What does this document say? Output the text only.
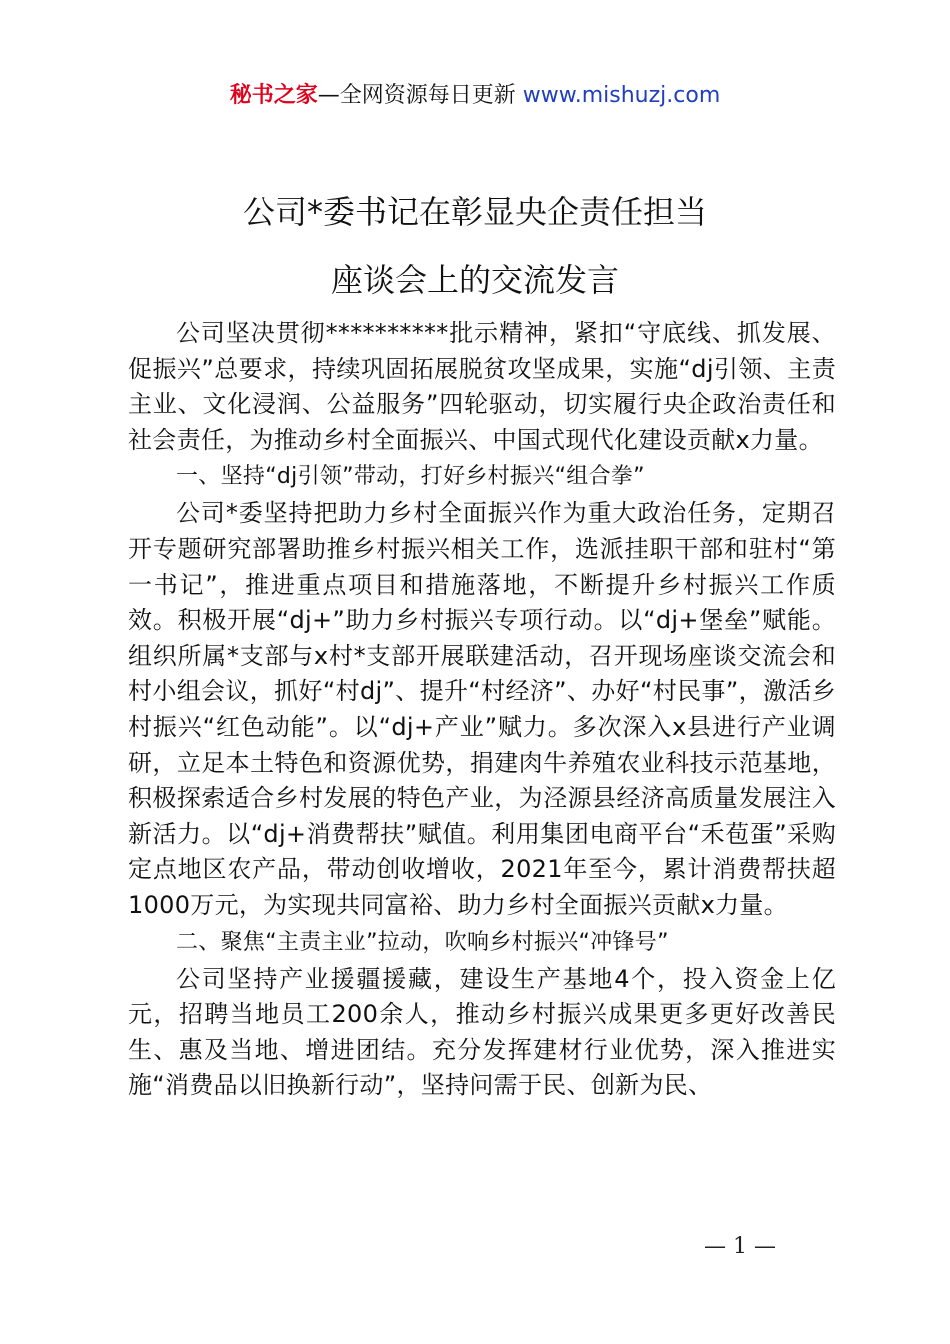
秘书之家—全网资源每日更新 www.mishuzj.com
公司*委书记在彰显央企责任担当
座谈会上的交流发言

公司坚决贯彻**********批示精神，紧扣“守底线、抓发展、促振兴”总要求，持续巩固拓展脱贫攻坚成果，实施“dj引领、主责主业、文化浸润、公益服务”四轮驱动，切实履行央企政治责任和社会责任，为推动乡村全面振兴、中国式现代化建设贡献x力量。

一、坚持“dj引领”带动，打好乡村振兴“组合拳”

公司*委坚持把助力乡村全面振兴作为重大政治任务，定期召开专题研究部署助推乡村振兴相关工作，选派挂职干部和驻村“第一书记”，推进重点项目和措施落地，不断提升乡村振兴工作质效。积极开展“dj+”助力乡村振兴专项行动。以“dj+堡垒”赋能。组织所属*支部与x村*支部开展联建活动，召开现场座谈交流会和村小组会议，抓好“村dj”、提升“村经济”、办好“村民事”，激活乡村振兴“红色动能”。以“dj+产业”赋力。多次深入x县进行产业调研，立足本土特色和资源优势，捐建肉牛养殖农业科技示范基地，积极探索适合乡村发展的特色产业，为泾源县经济高质量发展注入新活力。以“dj+消费帮扶”赋值。利用集团电商平台“禾苞蛋”采购定点地区农产品，带动创收增收，2021年至今，累计消费帮扶超1000万元，为实现共同富裕、助力乡村全面振兴贡献x力量。

二、聚焦“主责主业”拉动，吹响乡村振兴“冲锋号”

公司坚持产业援疆援藏，建设生产基地4个，投入资金上亿元，招聘当地员工200余人，推动乡村振兴成果更多更好改善民生、惠及当地、增进团结。充分发挥建材行业优势，深入推进实施“消费品以旧换新行动”，坚持问需于民、创新为民、

— 1 —
